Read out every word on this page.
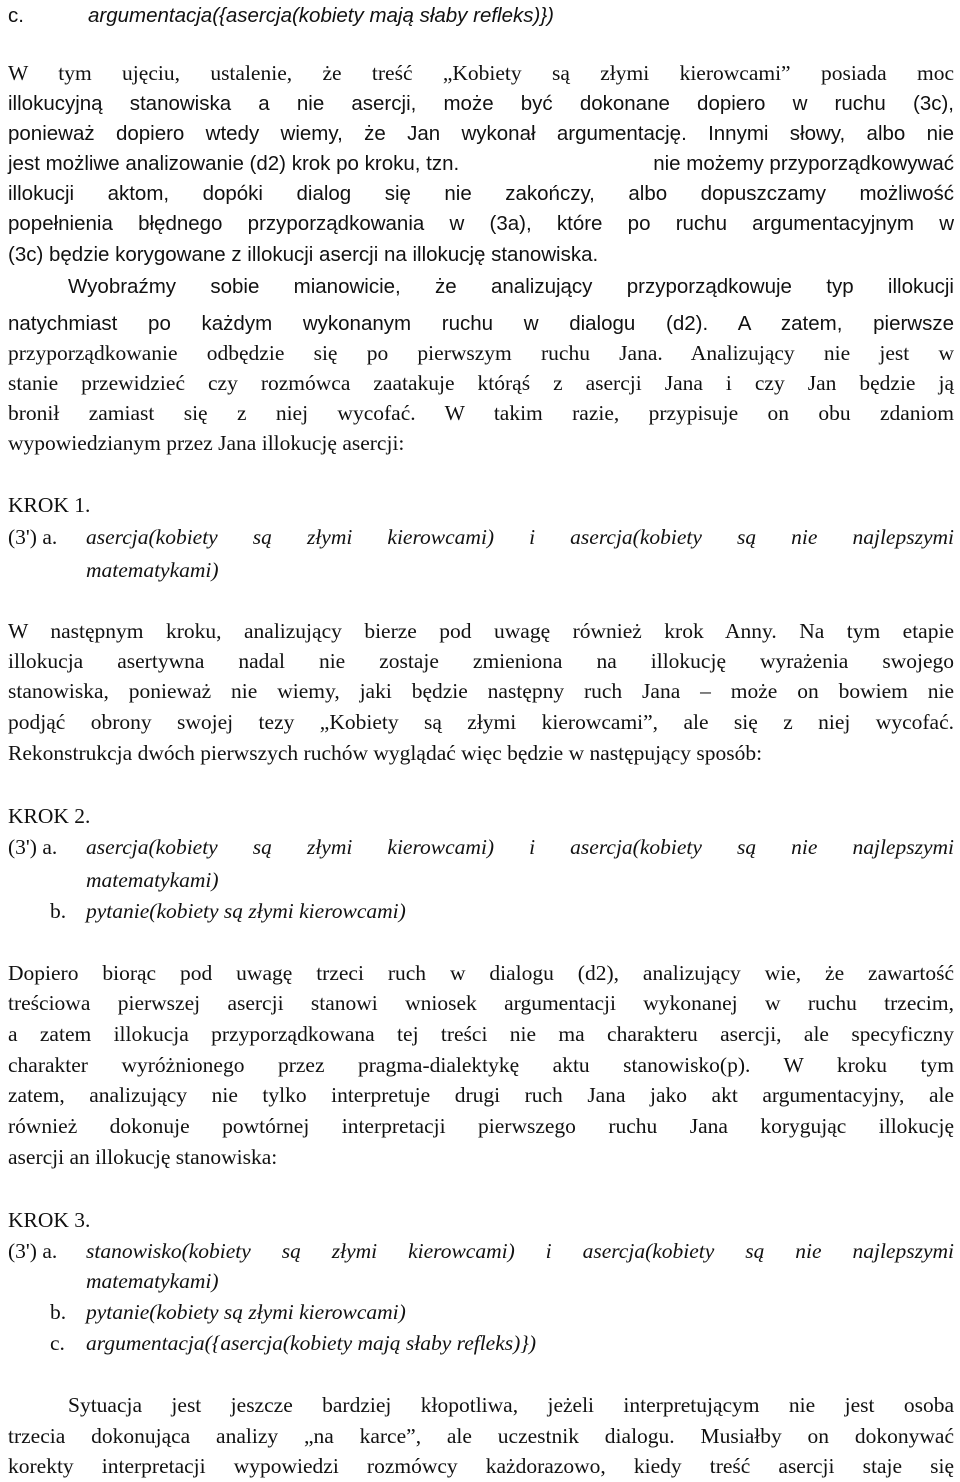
c.	argumentacja({asercja(kobiety mają słaby refleks)})
W tym ujęciu, ustalenie, że treść „Kobiety są złymi kierowcami” posiada moc
illokucyjną stanowiska a nie asercji, może być dokonane dopiero w ruchu (3c),
ponieważ dopiero wtedy wiemy, że Jan wykonał argumentację. Innymi słowy, albo nie
jest możliwe analizowanie (d2) krok po kroku, tzn.	nie możemy przyporządkowywać
illokucji aktom, dopóki dialog się nie zakończy, albo dopuszczamy możliwość
popełnienia błędnego przyporządkowania w (3a), które po ruchu argumentacyjnym w
(3c) będzie korygowane z illokucji asercji na illokucję stanowiska.
Wyobraźmy sobie mianowicie, że analizujący przyporządkowuje typ illokucji
natychmiast po każdym wykonanym ruchu w dialogu (d2). A zatem, pierwsze
przyporządkowanie odbędzie się po pierwszym ruchu Jana. Analizujący nie jest w
stanie przewidzieć czy rozmówca zaatakuje którąś z asercji Jana i czy Jan będzie ją
bronił zamiast się z niej wycofać. W takim razie, przypisuje on obu zdaniom
wypowiedzianym przez Jana illokucję asercji:
KROK 1.
asercja(kobiety są złymi kierowcami) i asercja(kobiety są nie najlepszymi
(3') a.
matematykami)
W następnym kroku, analizujący bierze pod uwagę również krok Anny. Na tym etapie
illokucja asertywna nadal nie zostaje zmieniona na illokucję wyrażenia swojego
stanowiska, ponieważ nie wiemy, jaki będzie następny ruch Jana – może on bowiem nie
podjąć obrony swojej tezy „Kobiety są złymi kierowcami”, ale się z niej wycofać.
Rekonstrukcja dwóch pierwszych ruchów wyglądać więc będzie w następujący sposób:
KROK 2.
asercja(kobiety są złymi kierowcami) i asercja(kobiety są nie najlepszymi
(3') a.
matematykami)
b. pytanie(kobiety są złymi kierowcami)
Dopiero biorąc pod uwagę trzeci ruch w dialogu (d2), analizujący wie, że zawartość
treściowa pierwszej asercji stanowi wniosek argumentacji wykonanej w ruchu trzecim,
a zatem illokucja przyporządkowana tej treści nie ma charakteru asercji, ale specyficzny
charakter wyróżnionego przez pragma-dialektykę aktu stanowisko(p). W kroku tym
zatem, analizujący nie tylko interpretuje drugi ruch Jana jako akt argumentacyjny, ale
również dokonuje powtórnej interpretacji pierwszego ruchu Jana korygując illokucję
asercji an illokucję stanowiska:
KROK 3.
stanowisko(kobiety są złymi kierowcami) i asercja(kobiety są nie najlepszymi
(3') a.
matematykami)
b. pytanie(kobiety są złymi kierowcami)
c. argumentacja({asercja(kobiety mają słaby refleks)})
Sytuacja jest jeszcze bardziej kłopotliwa, jeżeli interpretującym nie jest osoba
trzecia dokonująca analizy „na karce”, ale uczestnik dialogu. Musiałby on dokonywać
korekty interpretacji wypowiedzi rozmówcy każdorazowo, kiedy treść asercji staje się
